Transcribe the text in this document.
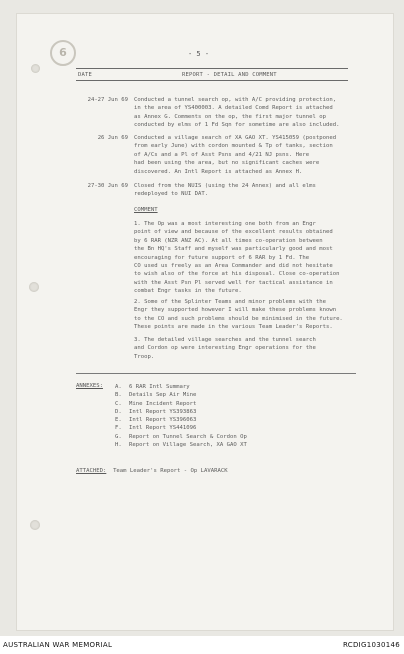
6	- 5 -
DATE	REPORT - DETAIL AND COMMENT
24-27 Jun 69 Conducted a tunnel search op, with A/C providing protection,
in the area of YS400003. A detailed Comd Report is attached
as Annex G. Comments on the op, the first major tunnel op
conducted by elms of 1 Fd Sqn for sometime are also included.
26 Jun 69 Conducted a village search of XA GAO XT. YS415059 (postponed
from early June) with cordon mounted & Tp of tanks, section
of A/Cs and a Pl of Asst Psns and 4/21 NJ psns. Here
had been using the area, but no significant caches were
discovered. An Intl Report is attached as Annex H.
27-30 Jun 69 Closed from the NUIS (using the 24 Annex) and all elms
redeployed to NUI DAT.
COMMENT
1. The Op was a most interesting one both from an Engr
point of view and because of the excellent results obtained
by 6 RAR (NZR ANZ AC). At all times co-operation between
the Bn HQ's Staff and myself was particularly good and most
encouraging for future support of 6 RAR by 1 Fd. The
CO used us freely as an Area Commander and did not hesitate
to wish also of the force at his disposal. Close co-operation
with the Asst Psn Pl served well for tactical assistance in
combat Engr tasks in the future.
2. Some of the Splinter Teams and minor problems with the
Engr they supported however I will make these problems known
to the CO and such problems should be minimised in the future.
These points are made in the various Team Leader's Reports.
3. The detailed village searches and the tunnel search
and Cordon op were interesting Engr operations for the
Troop.
ANNEXES: A. 6 RAR Intl Summary
B. Details Sep Air Mine
C. Mine Incident Report
D. Intl Report YS393863
E. Intl Report YS396063
F. Intl Report YS441096
G. Report on Tunnel Search & Cordon Op
H. Report on Village Search, XA GAO XT
ATTACHED: Team Leader's Report - Op LAVARACK
AUSTRALIAN WAR MEMORIAL	RCDIG1030146
